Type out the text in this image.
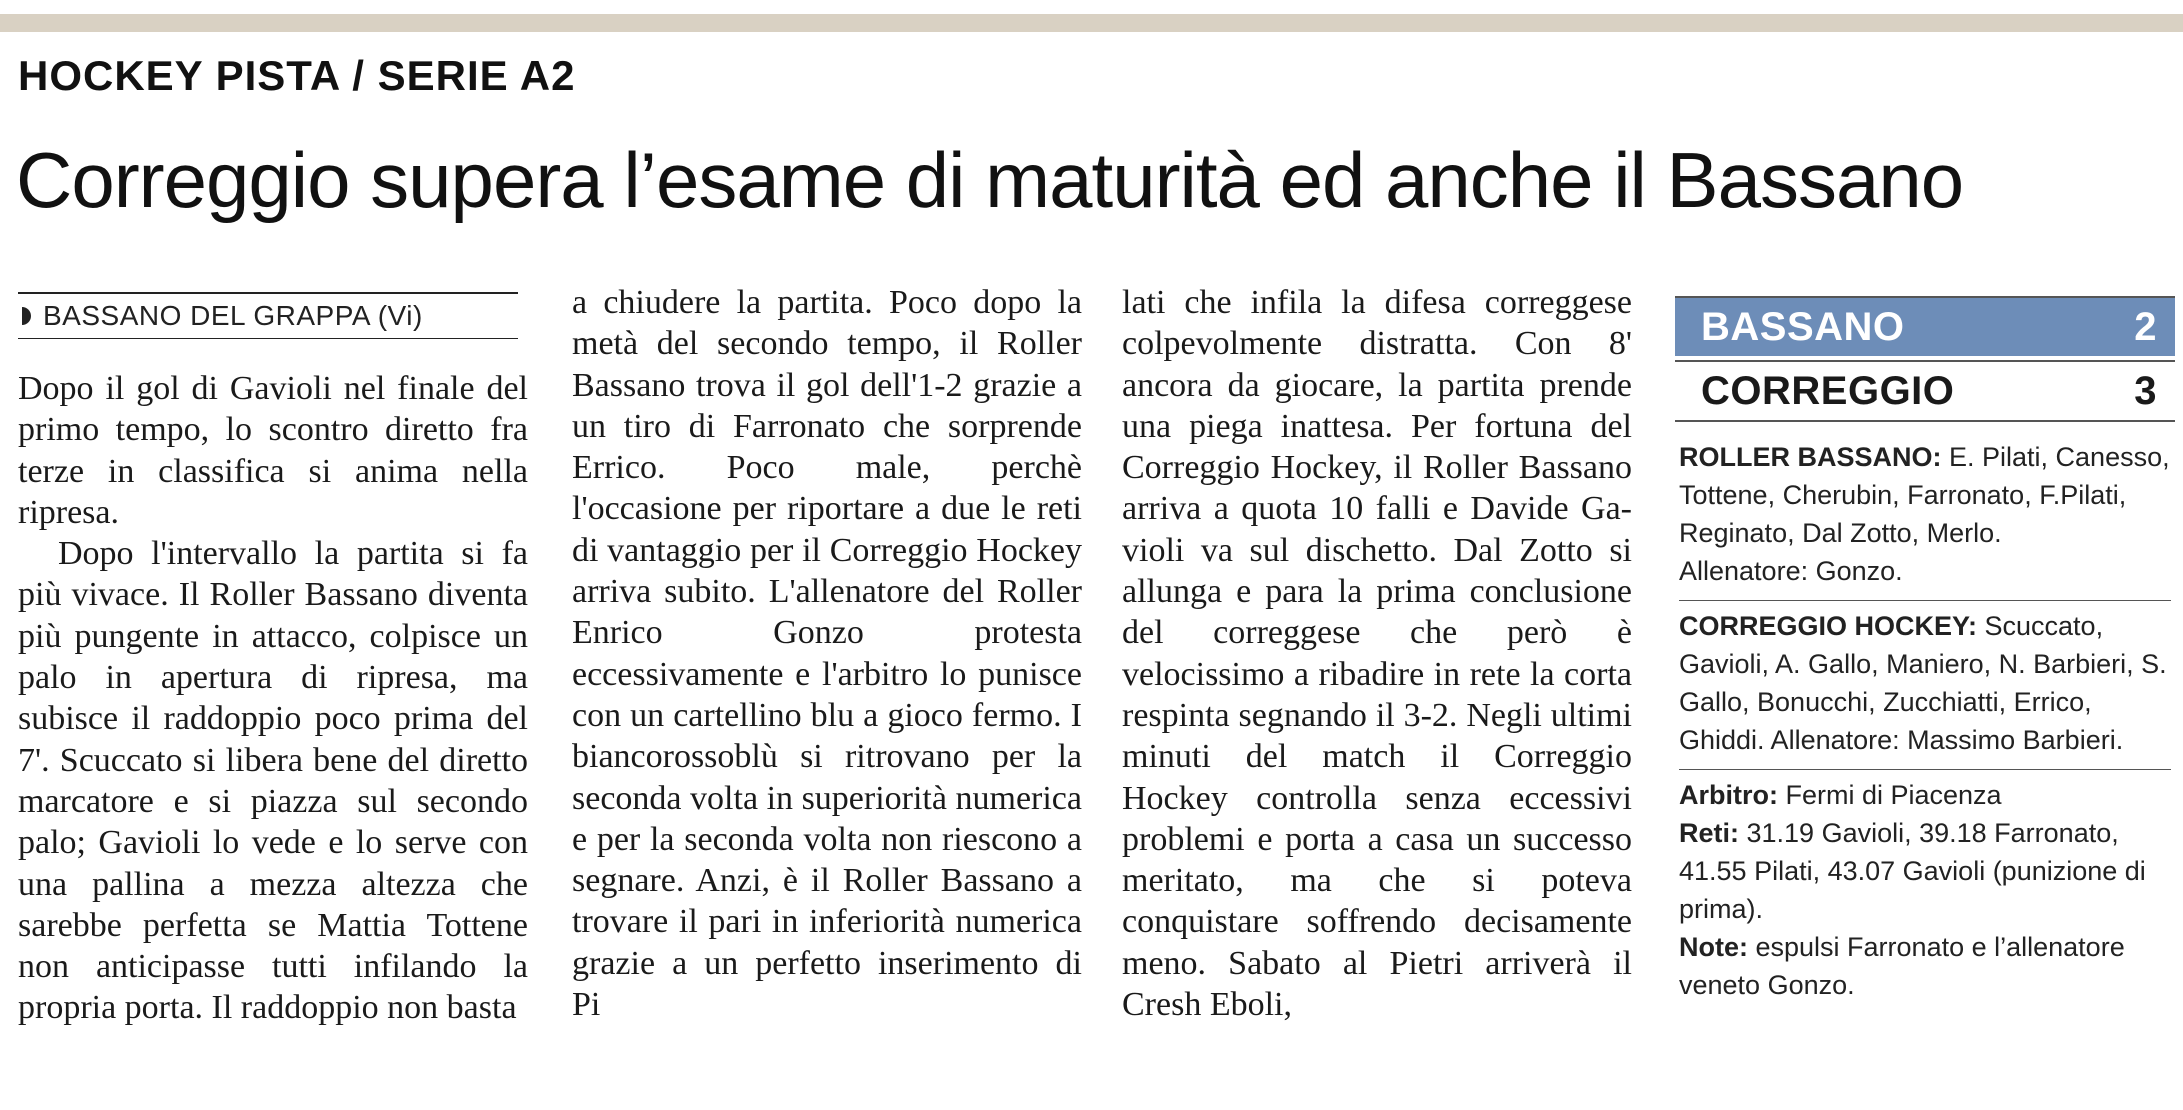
HOCKEY PISTA / SERIE A2
Correggio supera l’esame di maturità ed anche il Bassano
BASSANO DEL GRAPPA (Vi)

Dopo il gol di Gavioli nel finale del primo tempo, lo scontro diretto fra terze in classifica si anima nella ripresa.

Dopo l'intervallo la partita si fa più vivace. Il Roller Bassano diventa più pungente in attacco, colpisce un palo in apertura di ripresa, ma subisce il raddoppio poco prima del 7'. Scuccato si libera bene del diretto marcatore e si piazza sul secondo palo; Gavioli lo vede e lo serve con una pallina a mezza altezza che sarebbe perfetta se Mattia Tottene non anticipasse tutti infilando la propria porta. Il raddoppio non basta

a chiudere la partita. Poco dopo la metà del secondo tempo, il Roller Bassano trova il gol dell'1-2 grazie a un tiro di Farronato che sorprende Errico. Poco male, perchè l'occasione per riportare a due le reti di vantaggio per il Correggio Hockey arriva subito. L'allenatore del Roller Enrico Gonzo protesta eccessivamente e l'arbitro lo punisce con un cartellino blu a gioco fermo. I biancorossoblù si ritrovano per la seconda volta in superiorità numerica e per la seconda volta non riescono a segnare. Anzi, è il Roller Bassano a trovare il pari in inferiorità numerica grazie a un perfetto inserimento di Pi

lati che infila la difesa correggese colpevolmente distratta. Con 8' ancora da giocare, la partita prende una piega inattesa. Per fortuna del Correggio Hockey, il Roller Bassano arriva a quota 10 falli e Davide Gavioli va sul dischetto. Dal Zotto si allunga e para la prima conclusione del correggese che però è velocissimo a ribadire in rete la corta respinta segnando il 3-2. Negli ultimi minuti del match il Correggio Hockey controlla senza eccessivi problemi e porta a casa un successo meritato, ma che si poteva conquistare soffrendo decisamente meno. Sabato al Pietri arriverà il Cresh Eboli,

BASSANO	2
CORREGGIO	3
ROLLER BASSANO: E. Pilati, Canesso, Tottene, Cherubin, Farronato, F.Pilati, Reginato, Dal Zotto, Merlo.
Allenatore: Gonzo.
CORREGGIO HOCKEY: Scuccato, Gavioli, A. Gallo, Maniero, N. Barbieri, S. Gallo, Bonucchi, Zucchiatti, Errico, Ghiddi. Allenatore: Massimo Barbieri.
Arbitro: Fermi di Piacenza
Reti: 31.19 Gavioli, 39.18 Farronato, 41.55 Pilati, 43.07 Gavioli (punizione di prima).
Note: espulsi Farronato e l’allenatore veneto Gonzo.
